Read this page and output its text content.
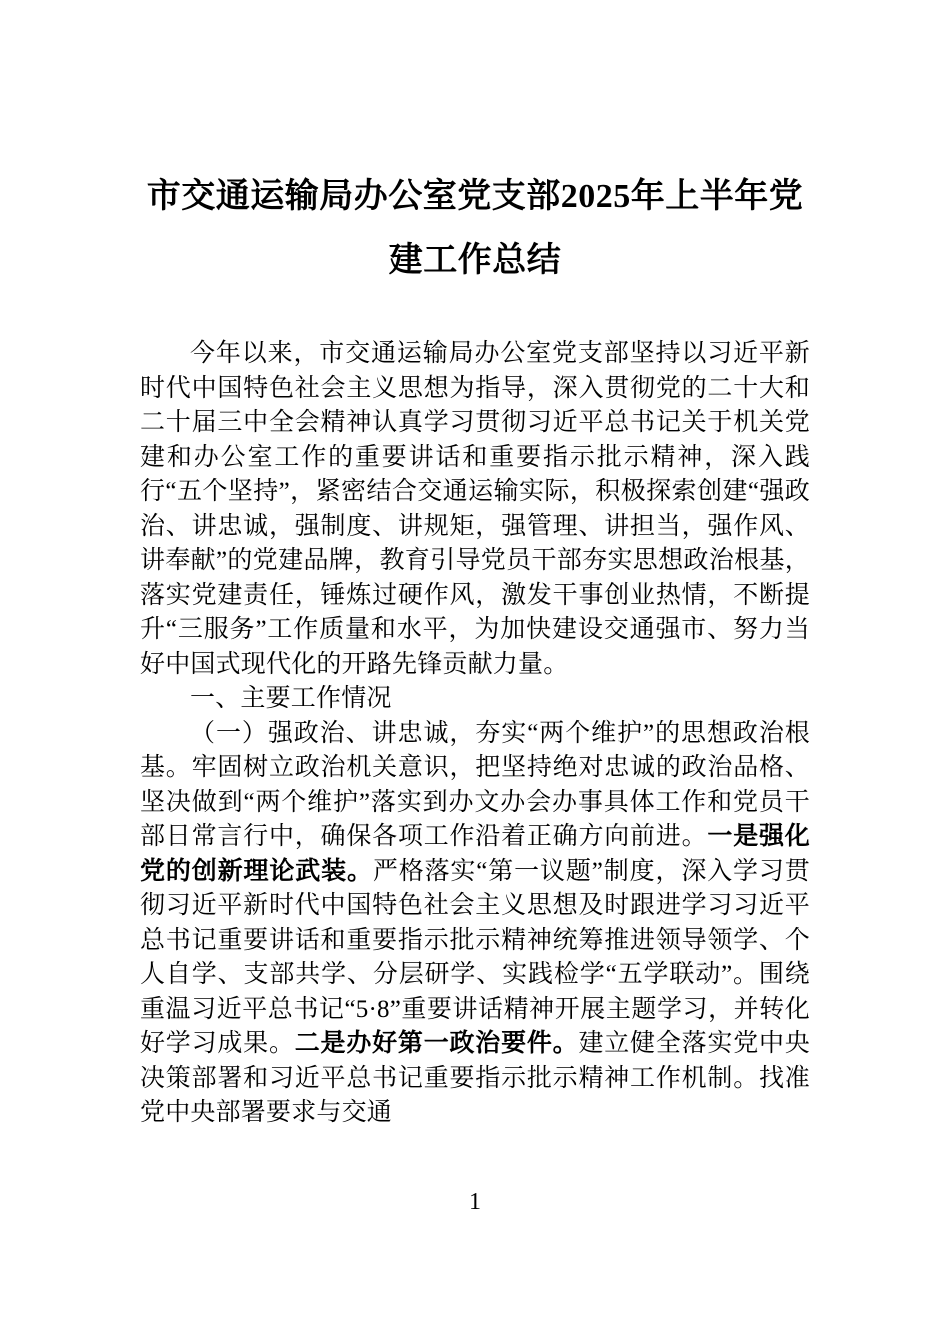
市交通运输局办公室党支部2025年上半年党建工作总结

今年以来，市交通运输局办公室党支部坚持以习近平新时代中国特色社会主义思想为指导，深入贯彻党的二十大和二十届三中全会精神认真学习贯彻习近平总书记关于机关党建和办公室工作的重要讲话和重要指示批示精神，深入践行“五个坚持”，紧密结合交通运输实际，积极探索创建“强政治、讲忠诚，强制度、讲规矩，强管理、讲担当，强作风、讲奉献”的党建品牌，教育引导党员干部夯实思想政治根基，落实党建责任，锤炼过硬作风，激发干事创业热情，不断提升“三服务”工作质量和水平，为加快建设交通强市、努力当好中国式现代化的开路先锋贡献力量。

一、主要工作情况

（一）强政治、讲忠诚，夯实“两个维护”的思想政治根基。牢固树立政治机关意识，把坚持绝对忠诚的政治品格、坚决做到“两个维护”落实到办文办会办事具体工作和党员干部日常言行中，确保各项工作沿着正确方向前进。一是强化党的创新理论武装。严格落实“第一议题”制度，深入学习贯彻习近平新时代中国特色社会主义思想及时跟进学习习近平总书记重要讲话和重要指示批示精神统筹推进领导领学、个人自学、支部共学、分层研学、实践检学“五学联动”。围绕重温习近平总书记“5·8”重要讲话精神开展主题学习，并转化好学习成果。二是办好第一政治要件。建立健全落实党中央决策部署和习近平总书记重要指示批示精神工作机制。找准党中央部署要求与交通

1
